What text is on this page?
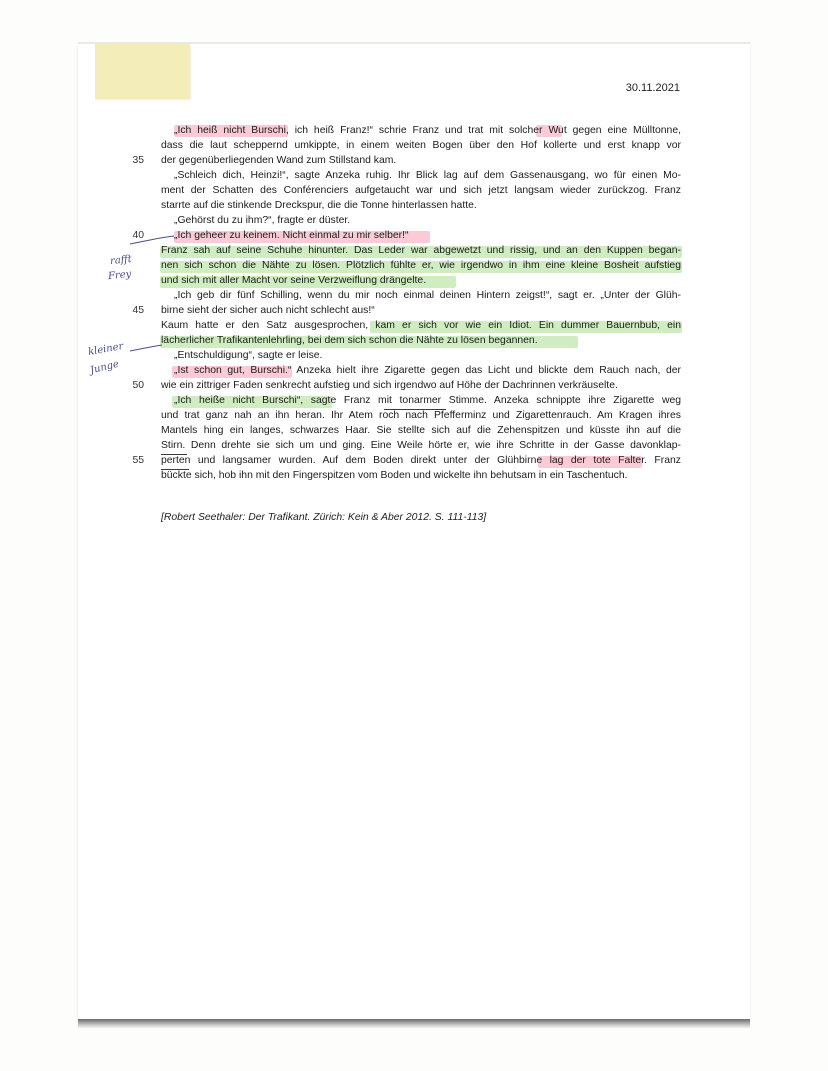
30.11.2021
„Ich heiß nicht Burschi, ich heiß Franz!“ schrie Franz und trat mit solcher Wut gegen eine Mülltonne,
dass die laut scheppernd umkippte, in einem weiten Bogen über den Hof kollerte und erst knapp vor
der gegenüberliegenden Wand zum Stillstand kam.
„Schleich dich, Heinzi!“, sagte Anzeka ruhig. Ihr Blick lag auf dem Gassenausgang, wo für einen Mo-
ment der Schatten des Conférenciers aufgetaucht war und sich jetzt langsam wieder zurückzog. Franz
starrte auf die stinkende Dreckspur, die die Tonne hinterlassen hatte.
„Gehörst du zu ihm?“, fragte er düster.
„Ich geheer zu keinem. Nicht einmal zu mir selber!“
Franz sah auf seine Schuhe hinunter. Das Leder war abgewetzt und rissig, und an den Kuppen began-
nen sich schon die Nähte zu lösen. Plötzlich fühlte er, wie irgendwo in ihm eine kleine Bosheit aufstieg
und sich mit aller Macht vor seine Verzweiflung drängelte.
„Ich geb dir fünf Schilling, wenn du mir noch einmal deinen Hintern zeigst!“, sagt er. „Unter der Glüh-
birne sieht der sicher auch nicht schlecht aus!“
Kaum hatte er den Satz ausgesprochen, kam er sich vor wie ein Idiot. Ein dummer Bauernbub, ein
lächerlicher Trafikantenlehrling, bei dem sich schon die Nähte zu lösen begannen.
„Entschuldigung“, sagte er leise.
„Ist schon gut, Burschi.“ Anzeka hielt ihre Zigarette gegen das Licht und blickte dem Rauch nach, der
wie ein zittriger Faden senkrecht aufstieg und sich irgendwo auf Höhe der Dachrinnen verkräuselte.
„Ich heiße nicht Burschi“, sagte Franz mit tonarmer Stimme. Anzeka schnippte ihre Zigarette weg
und trat ganz nah an ihn heran. Ihr Atem roch nach Pfefferminz und Zigarettenrauch. Am Kragen ihres
Mantels hing ein langes, schwarzes Haar. Sie stellte sich auf die Zehenspitzen und küsste ihn auf die
Stirn. Denn drehte sie sich um und ging. Eine Weile hörte er, wie ihre Schritte in der Gasse davonklap-
perten und langsamer wurden. Auf dem Boden direkt unter der Glühbirne lag der tote Falter. Franz
bückte sich, hob ihn mit den Fingerspitzen vom Boden und wickelte ihn behutsam in ein Taschentuch.
35
40
45
50
55
rafft
Frey
kleiner
Junge
[Robert Seethaler: Der Trafikant. Zürich: Kein & Aber 2012. S. 111-113]
